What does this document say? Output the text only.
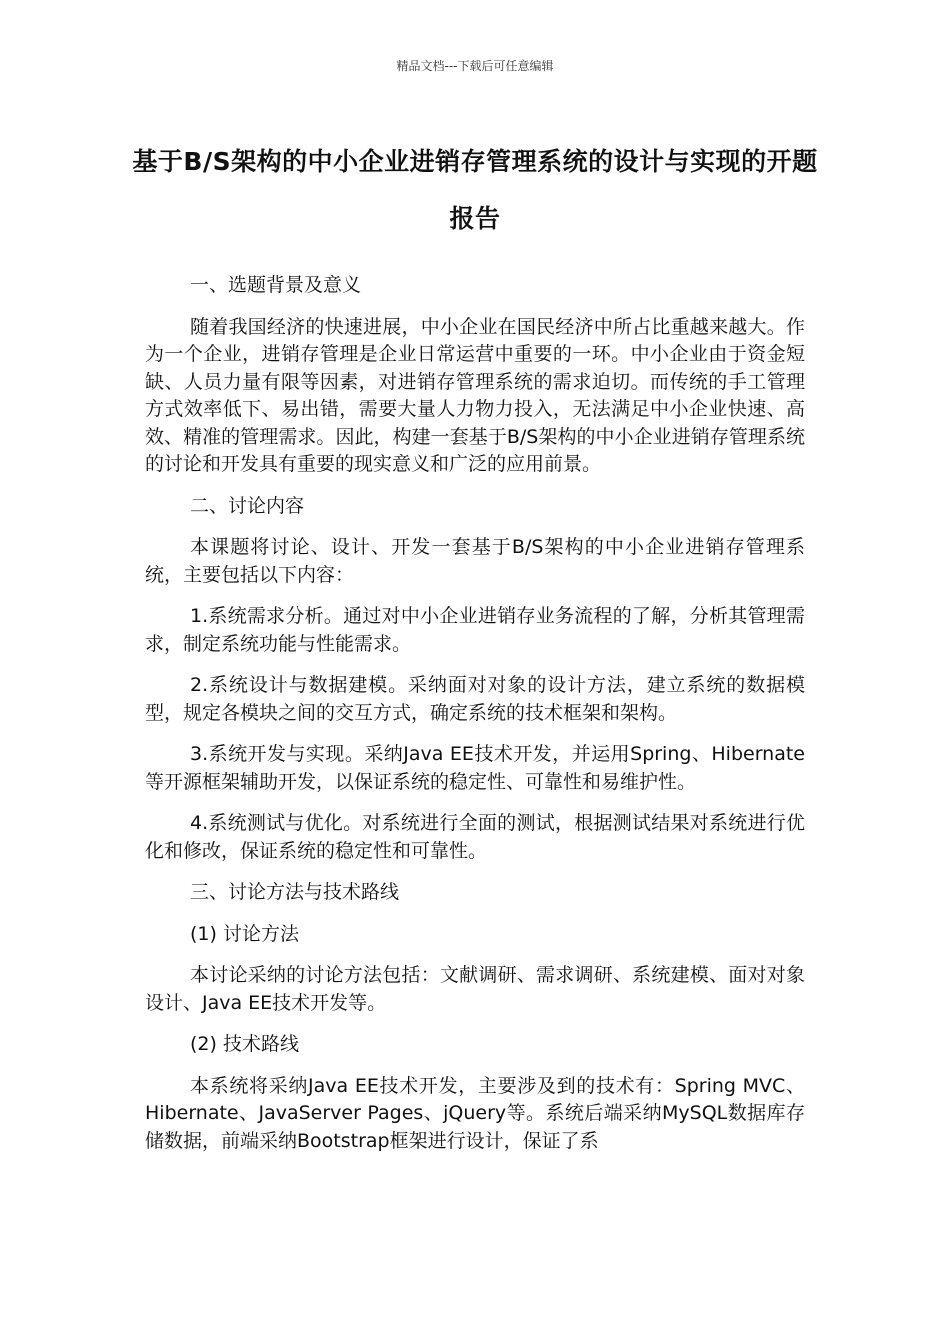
精品文档---下载后可任意编辑
基于B/S架构的中小企业进销存管理系统的设计与实现的开题报告

一、选题背景及意义

随着我国经济的快速进展，中小企业在国民经济中所占比重越来越大。作为一个企业，进销存管理是企业日常运营中重要的一环。中小企业由于资金短缺、人员力量有限等因素，对进销存管理系统的需求迫切。而传统的手工管理方式效率低下、易出错，需要大量人力物力投入，无法满足中小企业快速、高效、精准的管理需求。因此，构建一套基于B/S架构的中小企业进销存管理系统的讨论和开发具有重要的现实意义和广泛的应用前景。

二、讨论内容

本课题将讨论、设计、开发一套基于B/S架构的中小企业进销存管理系统，主要包括以下内容：

1.系统需求分析。通过对中小企业进销存业务流程的了解，分析其管理需求，制定系统功能与性能需求。

2.系统设计与数据建模。采纳面对对象的设计方法，建立系统的数据模型，规定各模块之间的交互方式，确定系统的技术框架和架构。

3.系统开发与实现。采纳Java EE技术开发，并运用Spring、Hibernate等开源框架辅助开发，以保证系统的稳定性、可靠性和易维护性。

4.系统测试与优化。对系统进行全面的测试，根据测试结果对系统进行优化和修改，保证系统的稳定性和可靠性。

三、讨论方法与技术路线

(1) 讨论方法

本讨论采纳的讨论方法包括：文献调研、需求调研、系统建模、面对对象设计、Java EE技术开发等。

(2) 技术路线

本系统将采纳Java EE技术开发，主要涉及到的技术有：Spring MVC、Hibernate、JavaServer Pages、jQuery等。系统后端采纳MySQL数据库存储数据，前端采纳Bootstrap框架进行设计，保证了系
